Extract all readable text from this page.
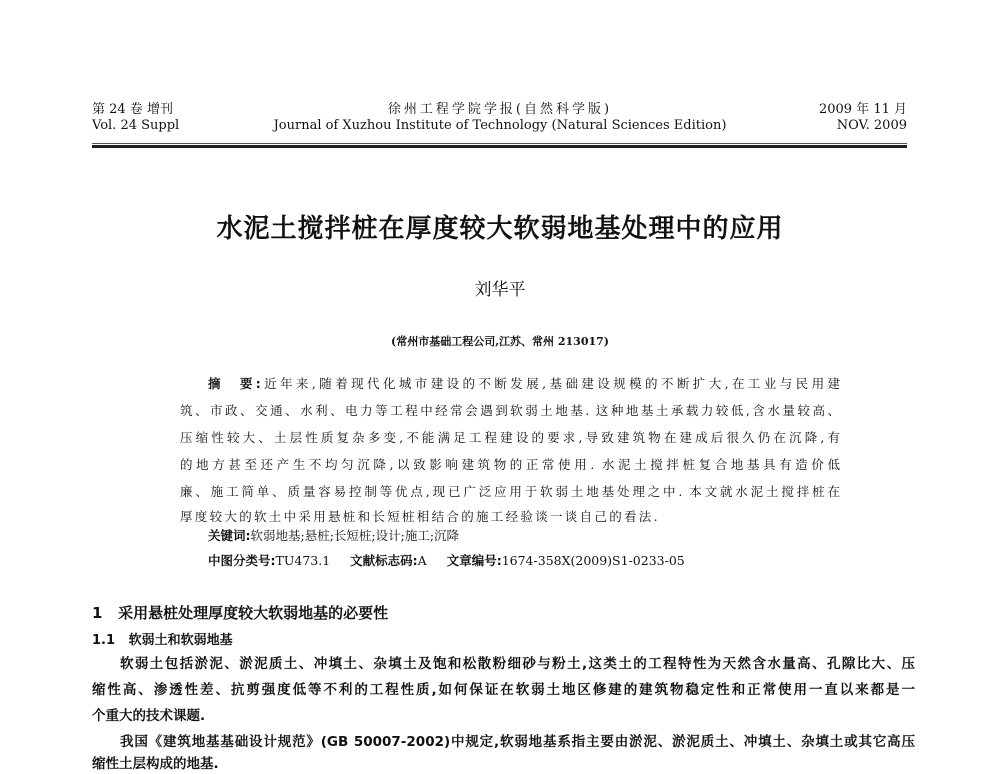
第 24 卷 增刊
Vol. 24 Suppl
徐州工程学院学报(自然科学版)
Journal of Xuzhou Institute of Technology (Natural Sciences Edition)
2009 年 11 月
NOV. 2009
水泥土搅拌桩在厚度较大软弱地基处理中的应用
刘华平
(常州市基础工程公司,江苏、常州 213017)
摘　要:近年来,随着现代化城市建设的不断发展,基础建设规模的不断扩大,在工业与民用建
筑、市政、交通、水利、电力等工程中经常会遇到软弱土地基. 这种地基土承载力较低,含水量较高、
压缩性较大、土层性质复杂多变,不能满足工程建设的要求,导致建筑物在建成后很久仍在沉降,有
的地方甚至还产生不均匀沉降,以致影响建筑物的正常使用. 水泥土搅拌桩复合地基具有造价低
廉、施工简单、质量容易控制等优点,现已广泛应用于软弱土地基处理之中. 本文就水泥土搅拌桩在
厚度较大的软土中采用悬桩和长短桩相结合的施工经验谈一谈自己的看法.
关键词:软弱地基;悬桩;长短桩;设计;施工;沉降
中图分类号:TU473.1 文献标志码:A 文章编号:1674-358X(2009)S1-0233-05
1   采用悬桩处理厚度较大软弱地基的必要性
1.1   软弱土和软弱地基
软弱土包括淤泥、淤泥质土、冲填土、杂填土及饱和松散粉细砂与粉土,这类土的工程特性为天然含水量高、孔隙比大、压
缩性高、渗透性差、抗剪强度低等不利的工程性质,如何保证在软弱土地区修建的建筑物稳定性和正常使用一直以来都是一
个重大的技术课题.
我国《建筑地基基础设计规范》(GB 50007-2002)中规定,软弱地基系指主要由淤泥、淤泥质土、冲填土、杂填土或其它高压
缩性土层构成的地基.
